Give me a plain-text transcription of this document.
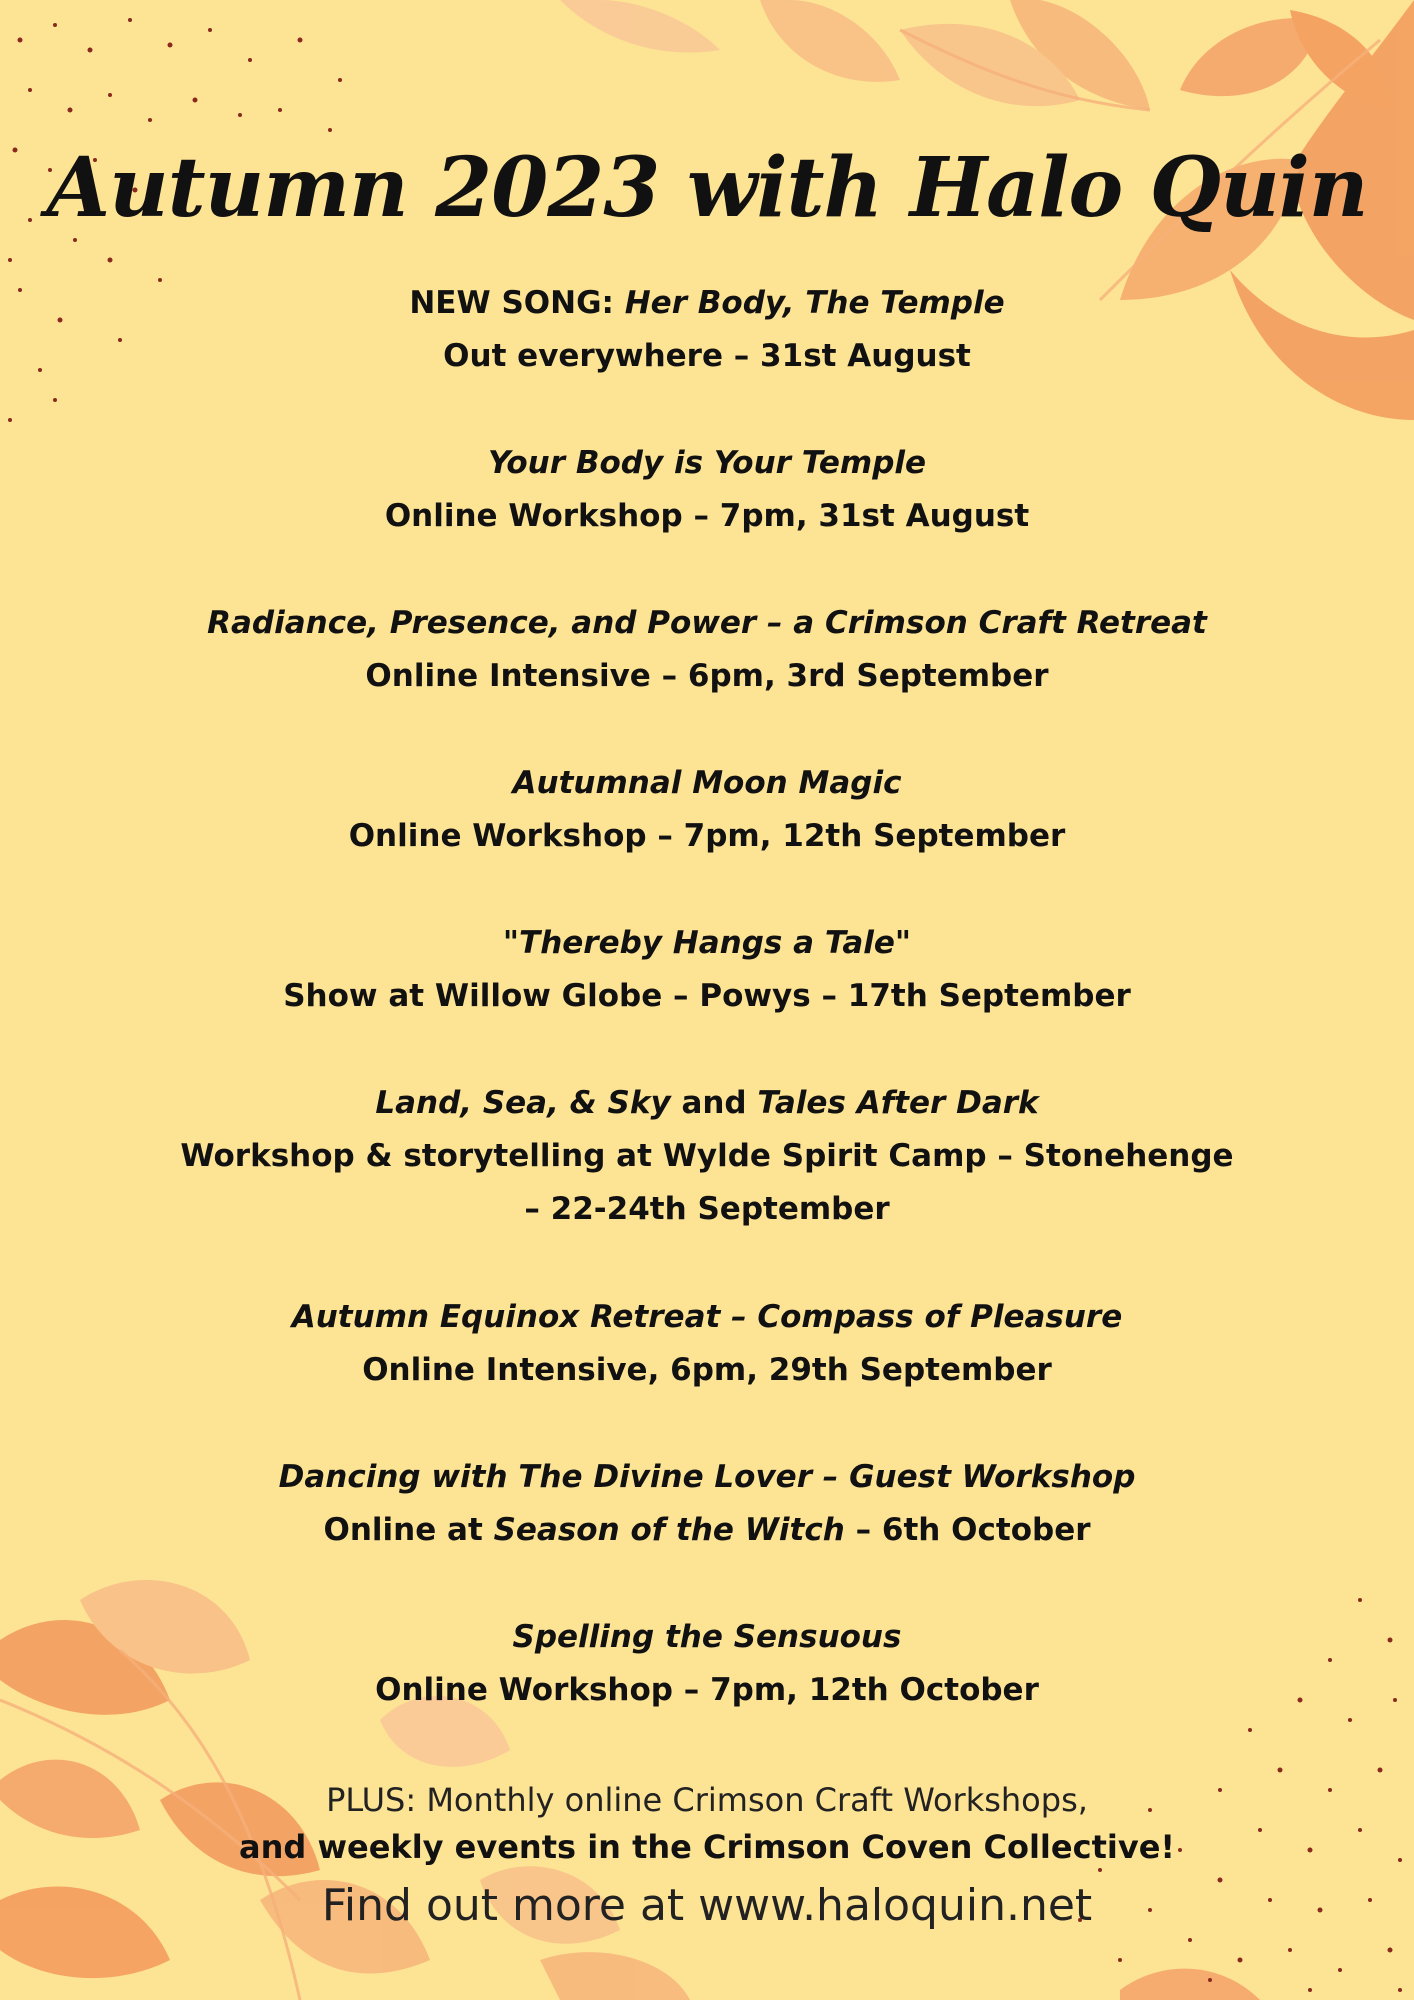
Autumn 2023 with Halo Quin

NEW SONG: Her Body, The Temple

Out everywhere – 31st August

Your Body is Your Temple

Online Workshop – 7pm, 31st August

Radiance, Presence, and Power – a Crimson Craft Retreat

Online Intensive – 6pm, 3rd September

Autumnal Moon Magic

Online Workshop – 7pm, 12th September

"Thereby Hangs a Tale"

Show at Willow Globe – Powys – 17th September

Land, Sea, & Sky and Tales After Dark

Workshop & storytelling at Wylde Spirit Camp – Stonehenge

– 22-24th September

Autumn Equinox Retreat – Compass of Pleasure

Online Intensive, 6pm, 29th September

Dancing with The Divine Lover – Guest Workshop

Online at Season of the Witch – 6th October

Spelling the Sensuous

Online Workshop – 7pm, 12th October

PLUS: Monthly online Crimson Craft Workshops,

and weekly events in the Crimson Coven Collective!

Find out more at www.haloquin.net
